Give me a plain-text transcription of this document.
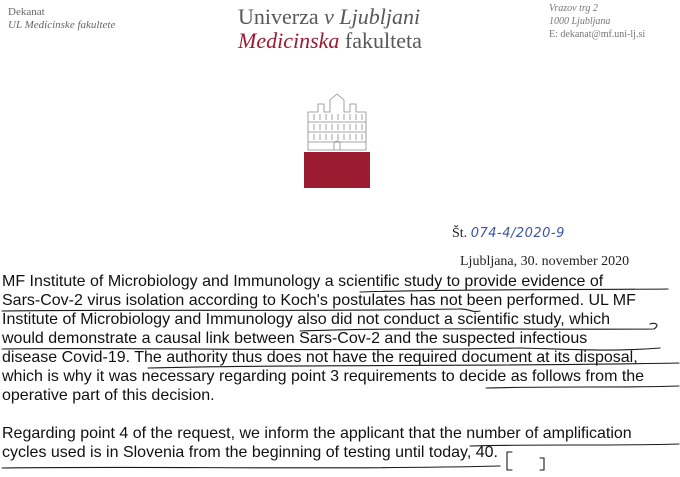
Dekanat
UL Medicinske fakultete	Univerza v Ljubljani
Medicinska fakulteta
Vrazov trg 2
1000 Ljubljana
E: dekanat@mf.uni-lj.si
Št. 074-4/2020-9
Ljubljana, 30. november 2020
MF Institute of Microbiology and Immunology a scientific study to provide evidence of
Sars-Cov-2 virus isolation according to Koch's postulates has not been performed. UL MF
Institute of Microbiology and Immunology also did not conduct a scientific study, which
would demonstrate a causal link between Sars-Cov-2 and the suspected infectious
disease Covid-19. The authority thus does not have the required document at its disposal,
which is why it was necessary regarding point 3 requirements to decide as follows from the
operative part of this decision.
Regarding point 4 of the request, we inform the applicant that the number of amplification
cycles used is in Slovenia from the beginning of testing until today, 40.
